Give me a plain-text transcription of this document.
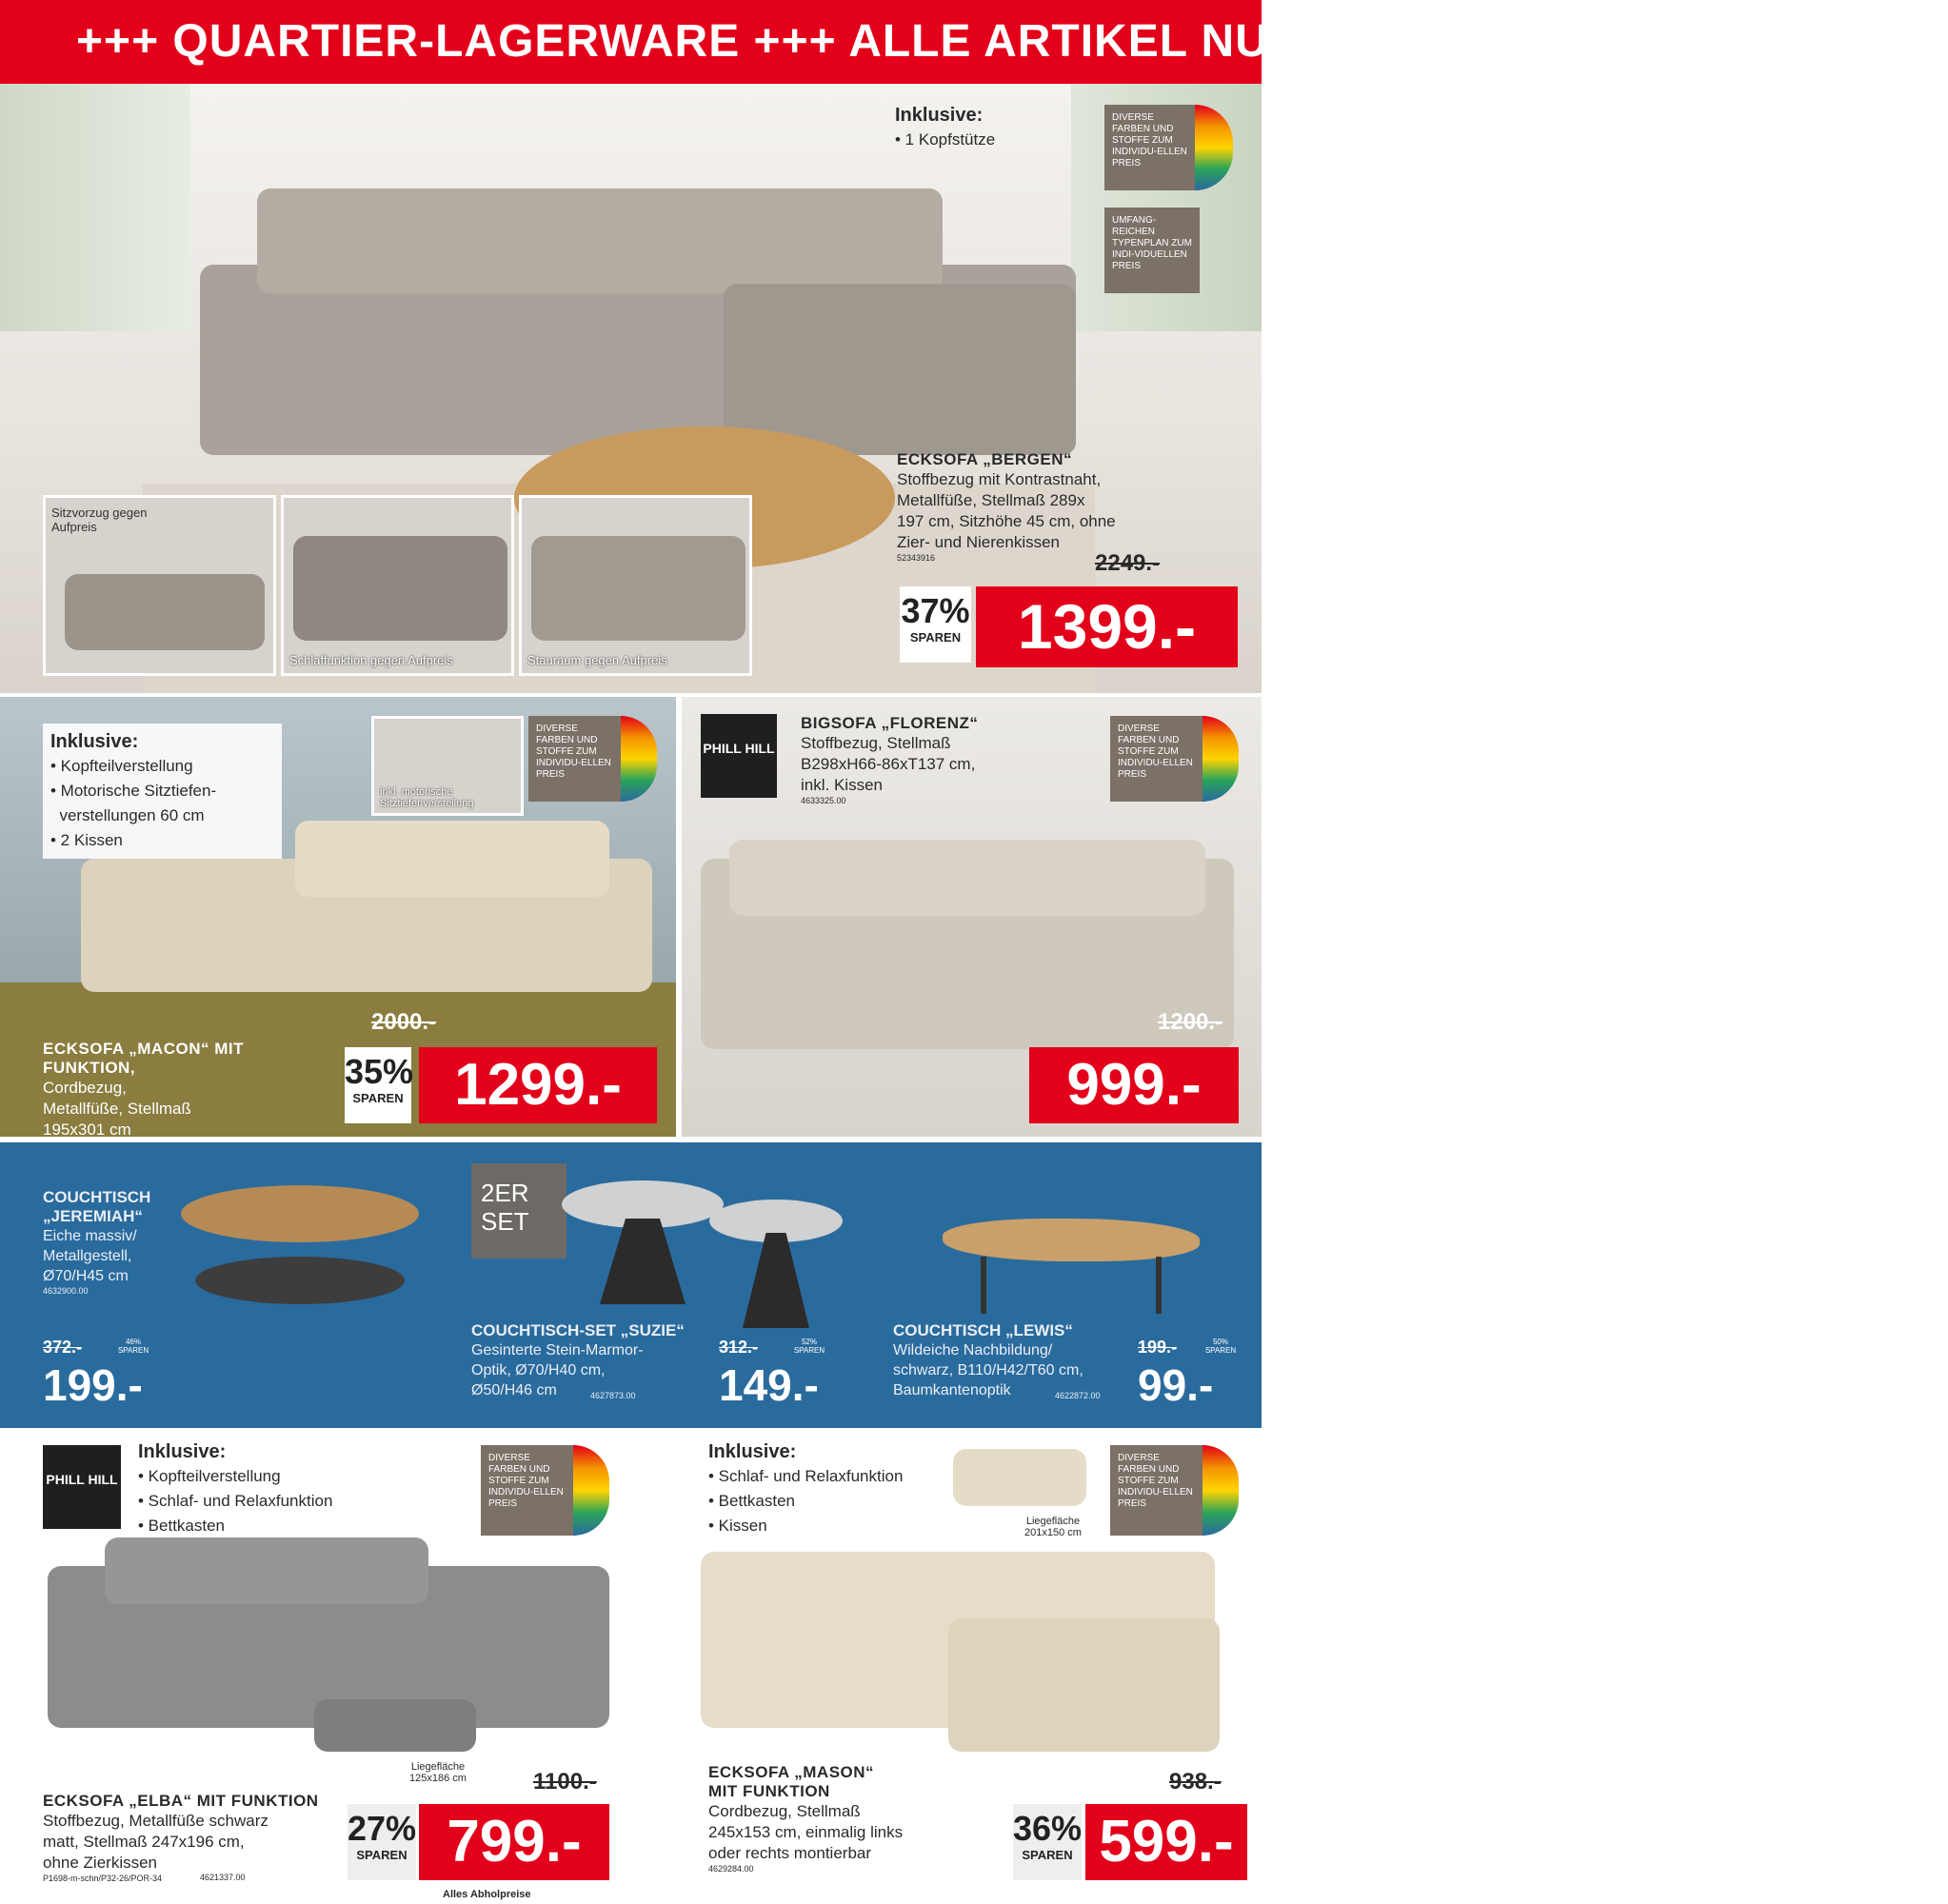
+++ QUARTIER-LAGERWARE +++ ALLE ARTIKEL NUR SOLANGE VORRAT REICHT
Inklusive:
• 1 Kopfstütze
DIVERSE FARBEN UND STOFFE ZUM INDIVIDU-ELLEN PREIS
UMFANG-REICHEN TYPENPLAN ZUM INDI-VIDUELLEN PREIS
Sitzvorzug gegen Aufpreis
Schlaffunktion gegen Aufpreis	Stauraum gegen Aufpreis
ECKSOFA „BERGEN“
Stoffbezug mit Kontrastnaht,
Metallfüße, Stellmaß 289x
197 cm, Sitzhöhe 45 cm, ohne
Zier- und Nierenkissen
52343916	2249.-
37%
SPAREN 1399.-
Inklusive:
• Kopfteilverstellung
• Motorische Sitztiefen-
verstellungen 60 cm
• 2 Kissen
inkl. motorische Sitztiefenverstellung
DIVERSE FARBEN UND STOFFE ZUM INDIVIDU-ELLEN PREIS
ECKSOFA „MACON“ MIT FUNKTION,
Cordbezug,
Metallfüße, Stellmaß
195x301 cm
2000.-
35%
SPAREN 1299.-
PHILL HILL
BIGSOFA „FLORENZ“
Stoffbezug, Stellmaß
B298xH66-86xT137 cm,
inkl. Kissen
4633325.00
DIVERSE FARBEN UND STOFFE ZUM INDIVIDU-ELLEN PREIS
1200.-
999.-
COUCHTISCH
„JEREMIAH“
Eiche massiv/
Metallgestell,
Ø70/H45 cm
4632900.00
372.-	46% SPAREN
199.-
2ER
SET
COUCHTISCH-SET „SUZIE“
Gesinterte Stein-Marmor-
Optik, Ø70/H40 cm,
Ø50/H46 cm	4627873.00
312.-	52% SPAREN
149.-
COUCHTISCH „LEWIS“
Wildeiche Nachbildung/
schwarz, B110/H42/T60 cm,
Baumkantenoptik	4622872.00
199.-	50% SPAREN
99.-
PHILL HILL
Inklusive:
• Kopfteilverstellung
• Schlaf- und Relaxfunktion
• Bettkasten
DIVERSE FARBEN UND STOFFE ZUM INDIVIDU-ELLEN PREIS
Liegefläche
125x186 cm
ECKSOFA „ELBA“ MIT FUNKTION
Stoffbezug, Metallfüße schwarz
matt, Stellmaß 247x196 cm,
ohne Zierkissen
P1698-m-schn/P32-26/POR-34	4621337.00
1100.-
27%
SPAREN 799.-
Alles Abholpreise
Inklusive:
• Schlaf- und Relaxfunktion
• Bettkasten
• Kissen	Liegefläche
201x150 cm
DIVERSE FARBEN UND STOFFE ZUM INDIVIDU-ELLEN PREIS
ECKSOFA „MASON“
MIT FUNKTION
Cordbezug, Stellmaß
245x153 cm, einmalig links
oder rechts montierbar
4629284.00
938.-
36%
SPAREN 599.-
